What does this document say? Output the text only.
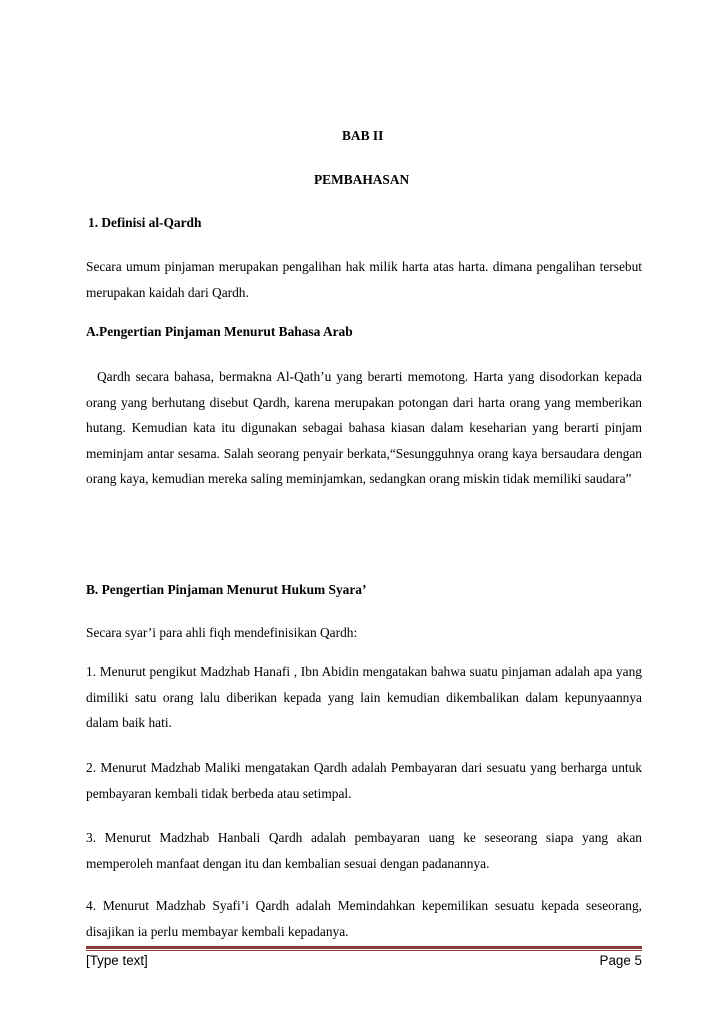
BAB II
PEMBAHASAN
1. Definisi al-Qardh
Secara umum pinjaman merupakan pengalihan hak milik harta atas harta. dimana pengalihan tersebut merupakan kaidah dari Qardh.
A.Pengertian Pinjaman Menurut Bahasa Arab
Qardh secara bahasa, bermakna Al-Qath’u yang berarti memotong. Harta yang disodorkan kepada orang yang berhutang disebut Qardh, karena merupakan potongan dari harta orang yang memberikan hutang. Kemudian kata itu digunakan sebagai bahasa kiasan dalam keseharian yang berarti pinjam meminjam antar sesama. Salah seorang penyair berkata,“Sesungguhnya orang kaya bersaudara dengan orang kaya, kemudian mereka saling meminjamkan, sedangkan orang miskin tidak memiliki saudara”
B. Pengertian Pinjaman Menurut Hukum Syara’
Secara syar’i para ahli fiqh mendefinisikan Qardh:
1. Menurut pengikut Madzhab Hanafi , Ibn Abidin mengatakan bahwa suatu pinjaman adalah apa yang dimiliki satu orang lalu diberikan kepada yang lain kemudian dikembalikan dalam kepunyaannya dalam baik hati.
2. Menurut Madzhab Maliki mengatakan Qardh adalah Pembayaran dari sesuatu yang berharga untuk pembayaran kembali tidak berbeda atau setimpal.
3. Menurut Madzhab Hanbali Qardh adalah pembayaran uang ke seseorang siapa yang akan memperoleh manfaat dengan itu dan kembalian sesuai dengan padanannya.
4. Menurut Madzhab Syafi’i Qardh adalah Memindahkan kepemilikan sesuatu kepada seseorang, disajikan ia perlu membayar kembali kepadanya.
[Type text]	Page 5
